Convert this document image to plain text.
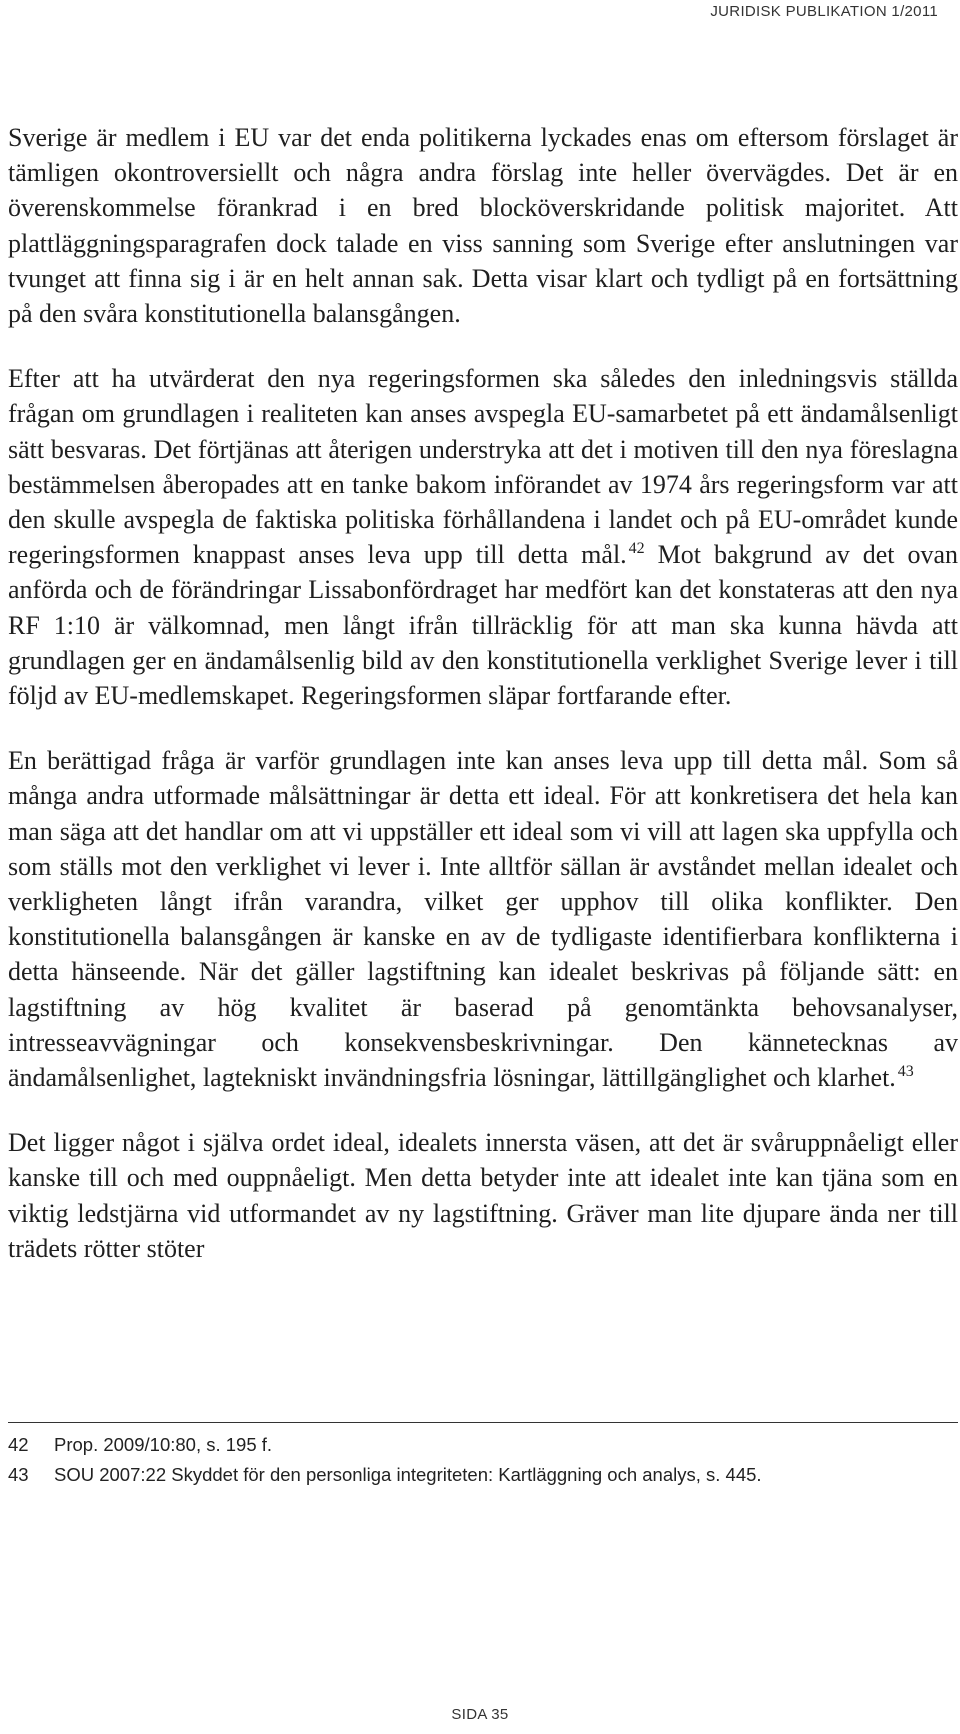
JURIDISK PUBLIKATION 1/2011

Sverige är medlem i EU var det enda politikerna lyckades enas om eftersom förslaget är tämligen okontroversiellt och några andra förslag inte heller övervägdes. Det är en överenskommelse förankrad i en bred blocköverskridande politisk majoritet. Att plattläggningsparagrafen dock talade en viss sanning som Sverige efter anslutningen var tvunget att finna sig i är en helt annan sak. Detta visar klart och tydligt på en fortsättning på den svåra konstitutionella balansgången.

Efter att ha utvärderat den nya regeringsformen ska således den inledningsvis ställda frågan om grundlagen i realiteten kan anses avspegla EU-samarbetet på ett ändamålsenligt sätt besvaras. Det förtjänas att återigen understryka att det i motiven till den nya föreslagna bestämmelsen åberopades att en tanke bakom införandet av 1974 års regeringsform var att den skulle avspegla de faktiska politiska förhållandena i landet och på EU-området kunde regeringsformen knappast anses leva upp till detta mål. $^{42}$ Mot bakgrund av det ovan anförda och de förändringar Lissabonfördraget har medfört kan det konstateras att den nya RF 1:10 är välkomnad, men långt ifrån tillräcklig för att man ska kunna hävda att grundlagen ger en ändamålsenlig bild av den konstitutionella verklighet Sverige lever i till följd av EU-medlemskapet. Regeringsformen släpar fortfarande efter.

En berättigad fråga är varför grundlagen inte kan anses leva upp till detta mål. Som så många andra utformade målsättningar är detta ett ideal. För att konkretisera det hela kan man säga att det handlar om att vi uppställer ett ideal som vi vill att lagen ska uppfylla och som ställs mot den verklighet vi lever i. Inte alltför sällan är avståndet mellan idealet och verkligheten långt ifrån varandra, vilket ger upphov till olika konflikter. Den konstitutionella balansgången är kanske en av de tydligaste identifierbara konflikterna i detta hänseende. När det gäller lagstiftning kan idealet beskrivas på följande sätt: en lagstiftning av hög kvalitet är baserad på genomtänkta behovsanalyser, intresseavvägningar och konsekvensbeskrivningar. Den kännetecknas av ändamålsenlighet, lagtekniskt invändningsfria lösningar, lättillgänglighet och klarhet. $^{43}$

Det ligger något i själva ordet ideal, idealets innersta väsen, att det är svåruppnåeligt eller kanske till och med ouppnåeligt. Men detta betyder inte att idealet inte kan tjäna som en viktig ledstjärna vid utformandet av ny lagstiftning. Gräver man lite djupare ända ner till trädets rötter stöter

42	Prop. 2009/10:80, s. 195 f.
43	SOU 2007:22 Skyddet för den personliga integriteten: Kartläggning och analys, s. 445.
SIDA 35
